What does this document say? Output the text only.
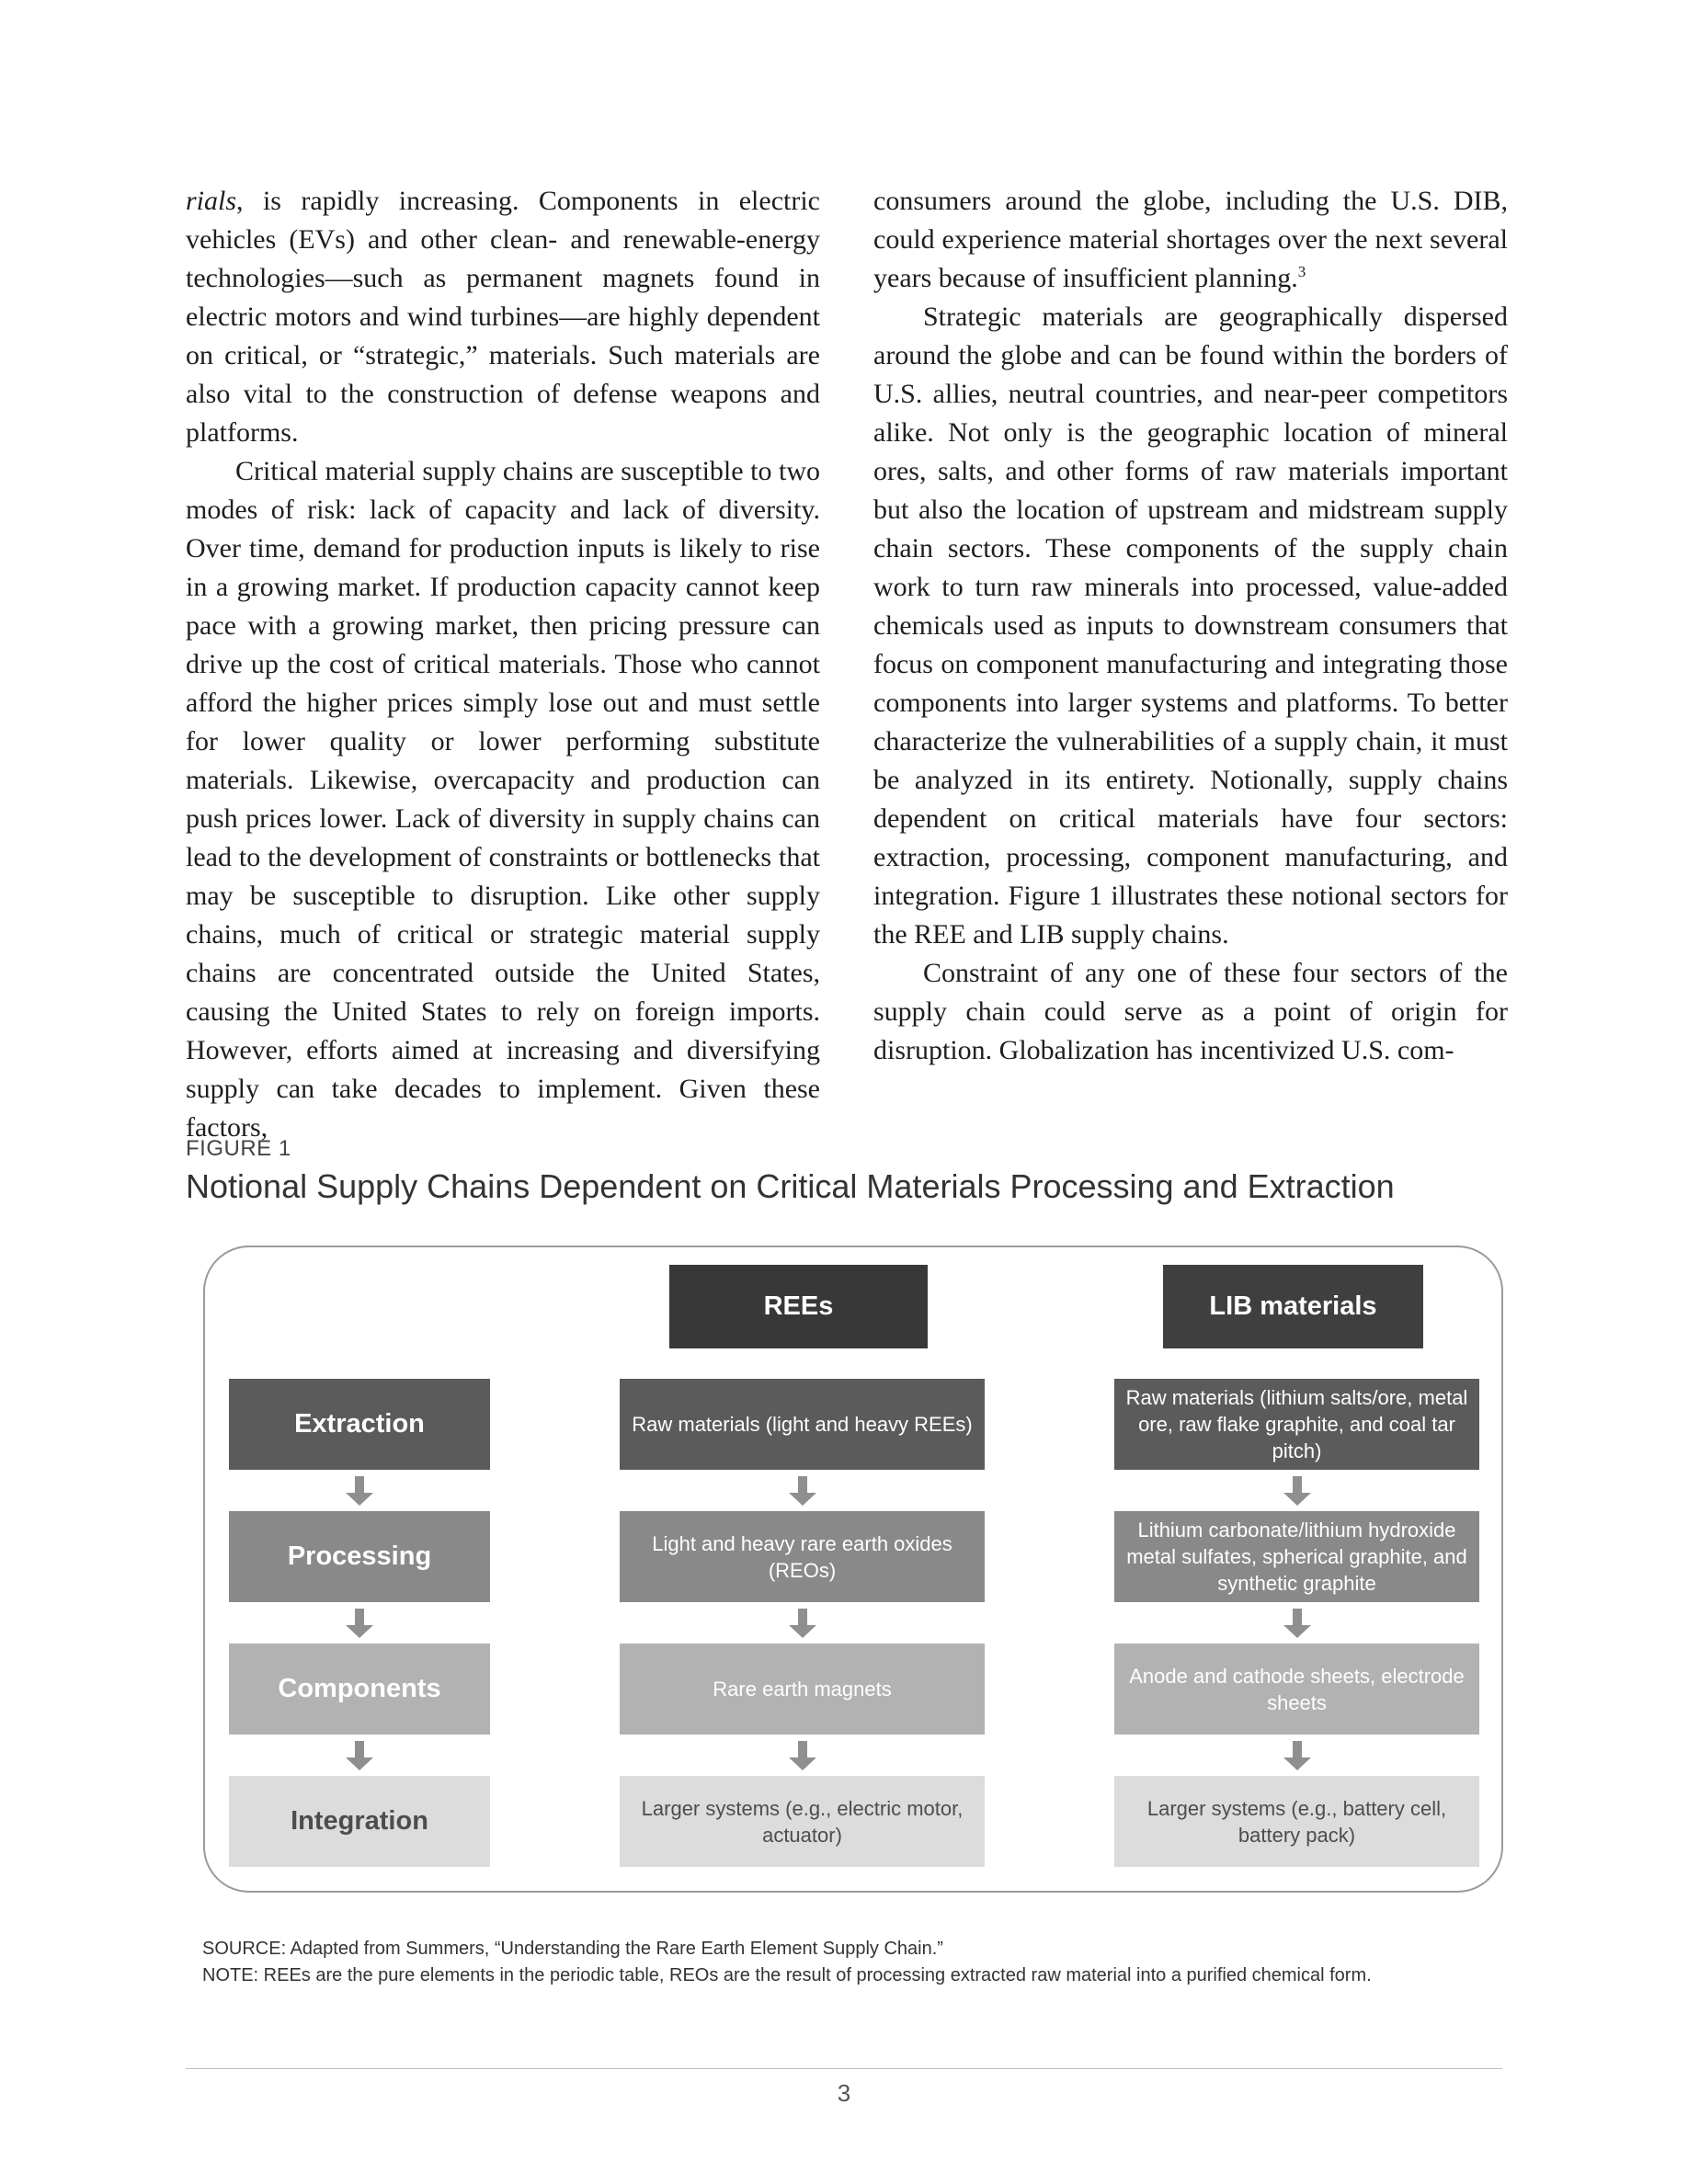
rials, is rapidly increasing. Components in electric vehicles (EVs) and other clean- and renewable-energy technologies—such as permanent magnets found in electric motors and wind turbines—are highly dependent on critical, or “strategic,” materials. Such materials are also vital to the construction of defense weapons and platforms.

Critical material supply chains are susceptible to two modes of risk: lack of capacity and lack of diversity. Over time, demand for production inputs is likely to rise in a growing market. If production capacity cannot keep pace with a growing market, then pricing pressure can drive up the cost of critical materials. Those who cannot afford the higher prices simply lose out and must settle for lower quality or lower performing substitute materials. Likewise, overcapacity and production can push prices lower. Lack of diversity in supply chains can lead to the development of constraints or bottlenecks that may be susceptible to disruption. Like other supply chains, much of critical or strategic material supply chains are concentrated outside the United States, causing the United States to rely on foreign imports. However, efforts aimed at increasing and diversifying supply can take decades to implement. Given these factors,

consumers around the globe, including the U.S. DIB, could experience material shortages over the next several years because of insufficient planning.$^3$

Strategic materials are geographically dispersed around the globe and can be found within the borders of U.S. allies, neutral countries, and near-peer competitors alike. Not only is the geographic location of mineral ores, salts, and other forms of raw materials important but also the location of upstream and midstream supply chain sectors. These components of the supply chain work to turn raw minerals into processed, value-added chemicals used as inputs to downstream consumers that focus on component manufacturing and integrating those components into larger systems and platforms. To better characterize the vulnerabilities of a supply chain, it must be analyzed in its entirety. Notionally, supply chains dependent on critical materials have four sectors: extraction, processing, component manufacturing, and integration. Figure 1 illustrates these notional sectors for the REE and LIB supply chains.

Constraint of any one of these four sectors of the supply chain could serve as a point of origin for disruption. Globalization has incentivized U.S. com-

FIGURE 1
Notional Supply Chains Dependent on Critical Materials Processing and Extraction
REEs	LIB materials
Extraction
Processing
Components
Integration
Raw materials (light and heavy REEs)
Light and heavy rare earth oxides (REOs)
Rare earth magnets
Larger systems (e.g., electric motor, actuator)
Raw materials (lithium salts/ore, metal ore, raw flake graphite, and coal tar pitch)
Lithium carbonate/lithium hydroxide metal sulfates, spherical graphite, and synthetic graphite
Anode and cathode sheets, electrode sheets
Larger systems (e.g., battery cell, battery pack)
SOURCE: Adapted from Summers, “Understanding the Rare Earth Element Supply Chain.”
NOTE: REEs are the pure elements in the periodic table, REOs are the result of processing extracted raw material into a purified chemical form.
3
